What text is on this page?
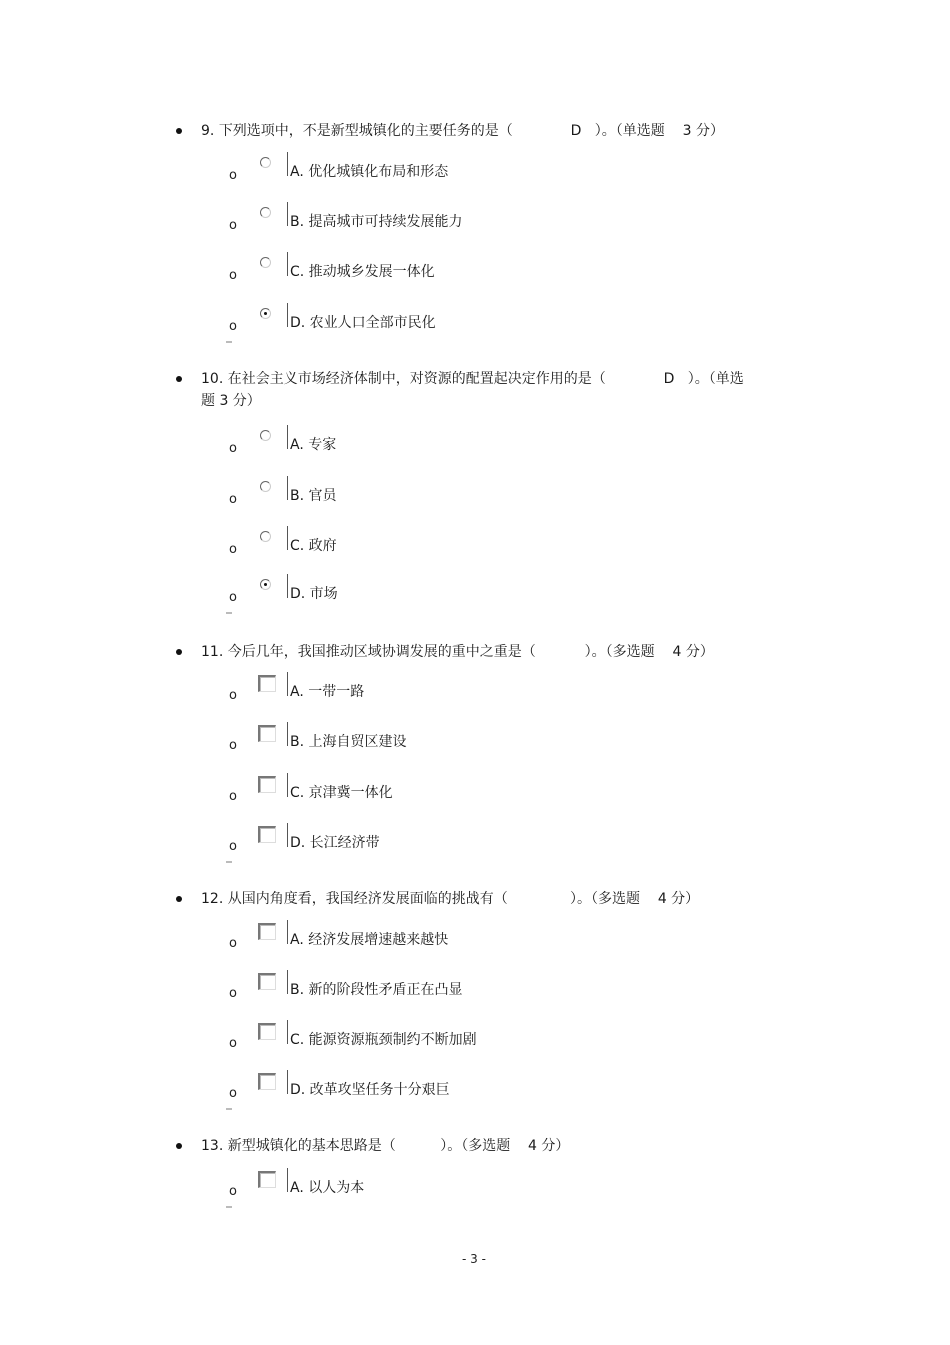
9. 下列选项中，不是新型城镇化的主要任务的是（             D   ）。（单选题    3 分）
o	A. 优化城镇化布局和形态
o	B. 提高城市可持续发展能力
o	C. 推动城乡发展一体化
o	D. 农业人口全部市民化
10. 在社会主义市场经济体制中，对资源的配置起决定作用的是（             D   ）。（单选
题 3 分）
o	A. 专家
o	B. 官员
o	C. 政府
o	D. 市场
11. 今后几年，我国推动区域协调发展的重中之重是（           ）。（多选题    4 分）
o	A. 一带一路
o	B. 上海自贸区建设
o	C. 京津冀一体化
o	D. 长江经济带
12. 从国内角度看，我国经济发展面临的挑战有（              ）。（多选题    4 分）
o	A. 经济发展增速越来越快
o	B. 新的阶段性矛盾正在凸显
o	C. 能源资源瓶颈制约不断加剧
o	D. 改革攻坚任务十分艰巨
13. 新型城镇化的基本思路是（          ）。（多选题    4 分）
o	A. 以人为本
- 3 -
